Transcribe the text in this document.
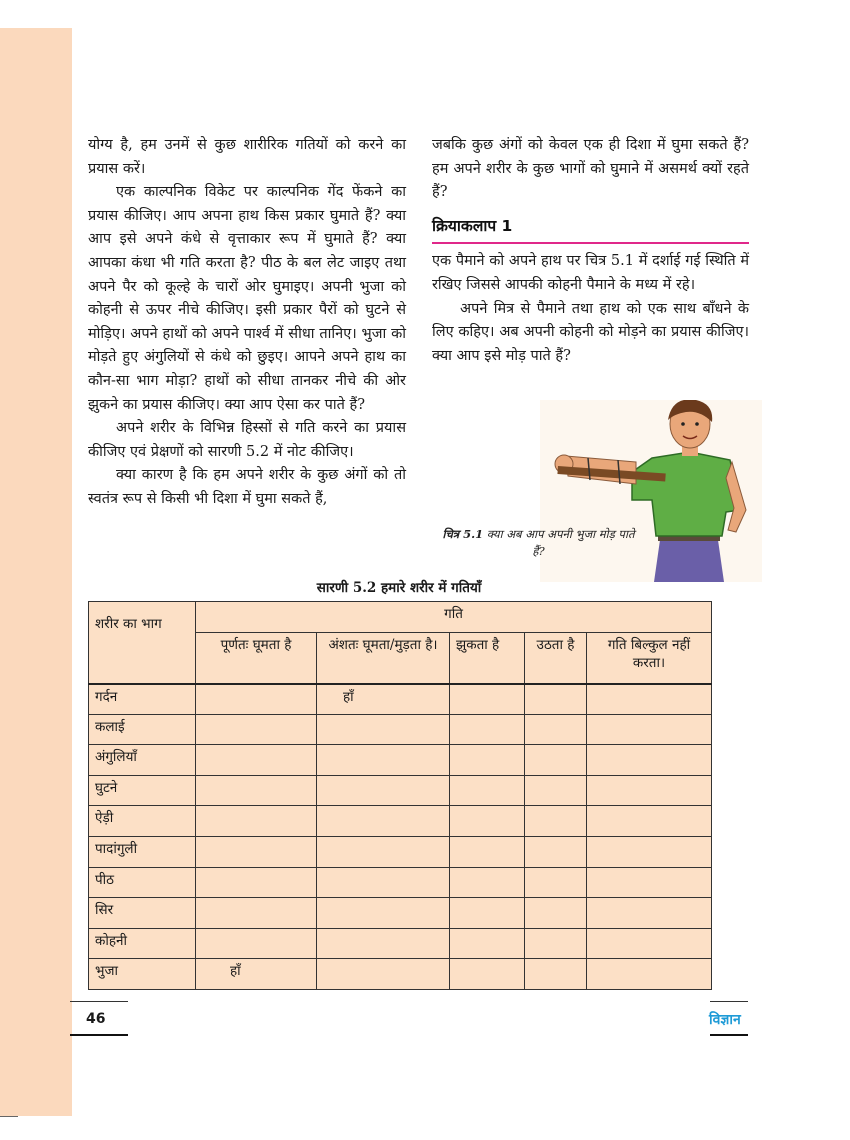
योग्य है, हम उनमें से कुछ शारीरिक गतियों को करने का प्रयास करें।

एक काल्पनिक विकेट पर काल्पनिक गेंद फेंकने का प्रयास कीजिए। आप अपना हाथ किस प्रकार घुमाते हैं? क्या आप इसे अपने कंधे से वृत्ताकार रूप में घुमाते हैं? क्या आपका कंधा भी गति करता है? पीठ के बल लेट जाइए तथा अपने पैर को कूल्हे के चारों ओर घुमाइए। अपनी भुजा को कोहनी से ऊपर नीचे कीजिए। इसी प्रकार पैरों को घुटने से मोड़िए। अपने हाथों को अपने पार्श्व में सीधा तानिए। भुजा को मोड़ते हुए अंगुलियों से कंधे को छुइए। आपने अपने हाथ का कौन-सा भाग मोड़ा? हाथों को सीधा तानकर नीचे की ओर झुकने का प्रयास कीजिए। क्या आप ऐसा कर पाते हैं?

अपने शरीर के विभिन्न हिस्सों से गति करने का प्रयास कीजिए एवं प्रेक्षणों को सारणी 5.2 में नोट कीजिए।

क्या कारण है कि हम अपने शरीर के कुछ अंगों को तो स्वतंत्र रूप से किसी भी दिशा में घुमा सकते हैं,

जबकि कुछ अंगों को केवल एक ही दिशा में घुमा सकते हैं? हम अपने शरीर के कुछ भागों को घुमाने में असमर्थ क्यों रहते हैं?

क्रियाकलाप 1

एक पैमाने को अपने हाथ पर चित्र 5.1 में दर्शाई गई स्थिति में रखिए जिससे आपकी कोहनी पैमाने के मध्य में रहे।

अपने मित्र से पैमाने तथा हाथ को एक साथ बाँधने के लिए कहिए। अब अपनी कोहनी को मोड़ने का प्रयास कीजिए। क्या आप इसे मोड़ पाते हैं?

चित्र 5.1 क्या अब आप अपनी भुजा मोड़ पाते हैं?
सारणी 5.2 हमारे शरीर में गतियाँ
शरीर का भाग	गति				
	पूर्णतः घूमता है	अंशतः घूमता/मुड़ता है।	झुकता है	उठता है	गति बिल्कुल नहीं करता।
गर्दन		हाँ			
कलाई					
अंगुलियाँ					
घुटने					
ऐड़ी					
पादांगुली					
पीठ					
सिर					
कोहनी					
भुजा	हाँ				
46	विज्ञान
